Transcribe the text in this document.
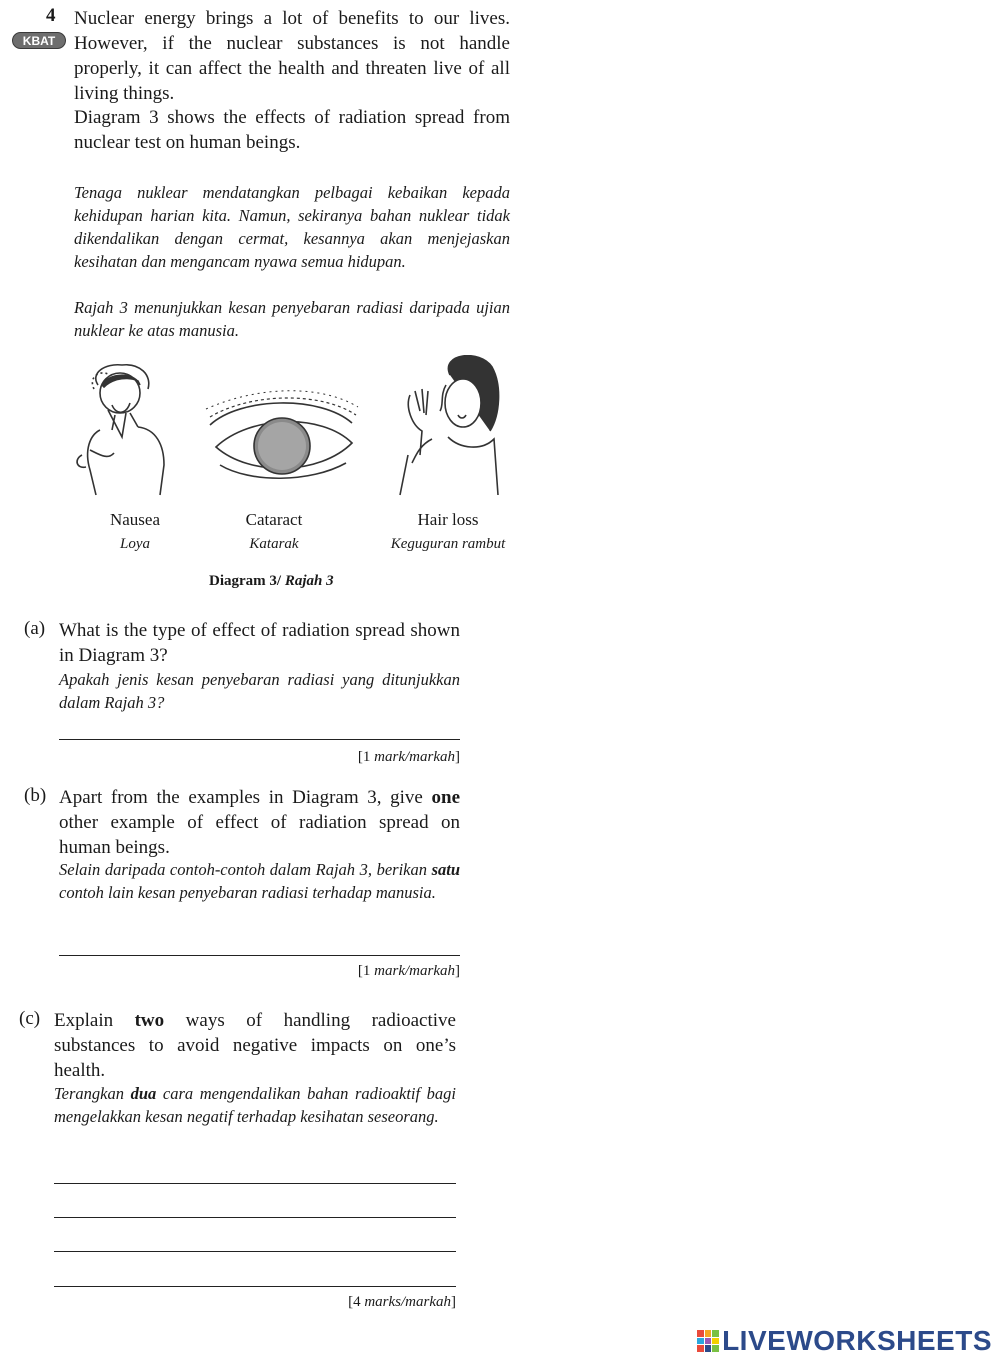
4
KBAT

Nuclear energy brings a lot of benefits to our lives. However, if the nuclear substances is not handle properly, it can affect the health and threaten live of all living things.

Diagram 3 shows the effects of radiation spread from nuclear test on human beings.

Tenaga nuklear mendatangkan pelbagai kebaikan kepada kehidupan harian kita. Namun, sekiranya bahan nuklear tidak dikendalikan dengan cermat, kesannya akan menjejaskan kesihatan dan mengancam nyawa semua hidupan.

Rajah 3 menunjukkan kesan penyebaran radiasi daripada ujian nuklear ke atas manusia.

Nausea
Loya
Cataract
Katarak
Hair loss
Keguguran rambut
Diagram 3/ Rajah 3
(a) What is the type of effect of radiation spread shown in Diagram 3?

Apakah jenis kesan penyebaran radiasi yang ditunjukkan dalam Rajah 3?

[1 mark/markah]
(b) Apart from the examples in Diagram 3, give one other example of effect of radiation spread on human beings.

Selain daripada contoh-contoh dalam Rajah 3, berikan satu contoh lain kesan penyebaran radiasi terhadap manusia.

[1 mark/markah]
(c) Explain two ways of handling radioactive substances to avoid negative impacts on one’s health.

Terangkan dua cara mengendalikan bahan radioaktif bagi mengelakkan kesan negatif terhadap kesihatan seseorang.

[4 marks/markah]
LIVEWORKSHEETS
